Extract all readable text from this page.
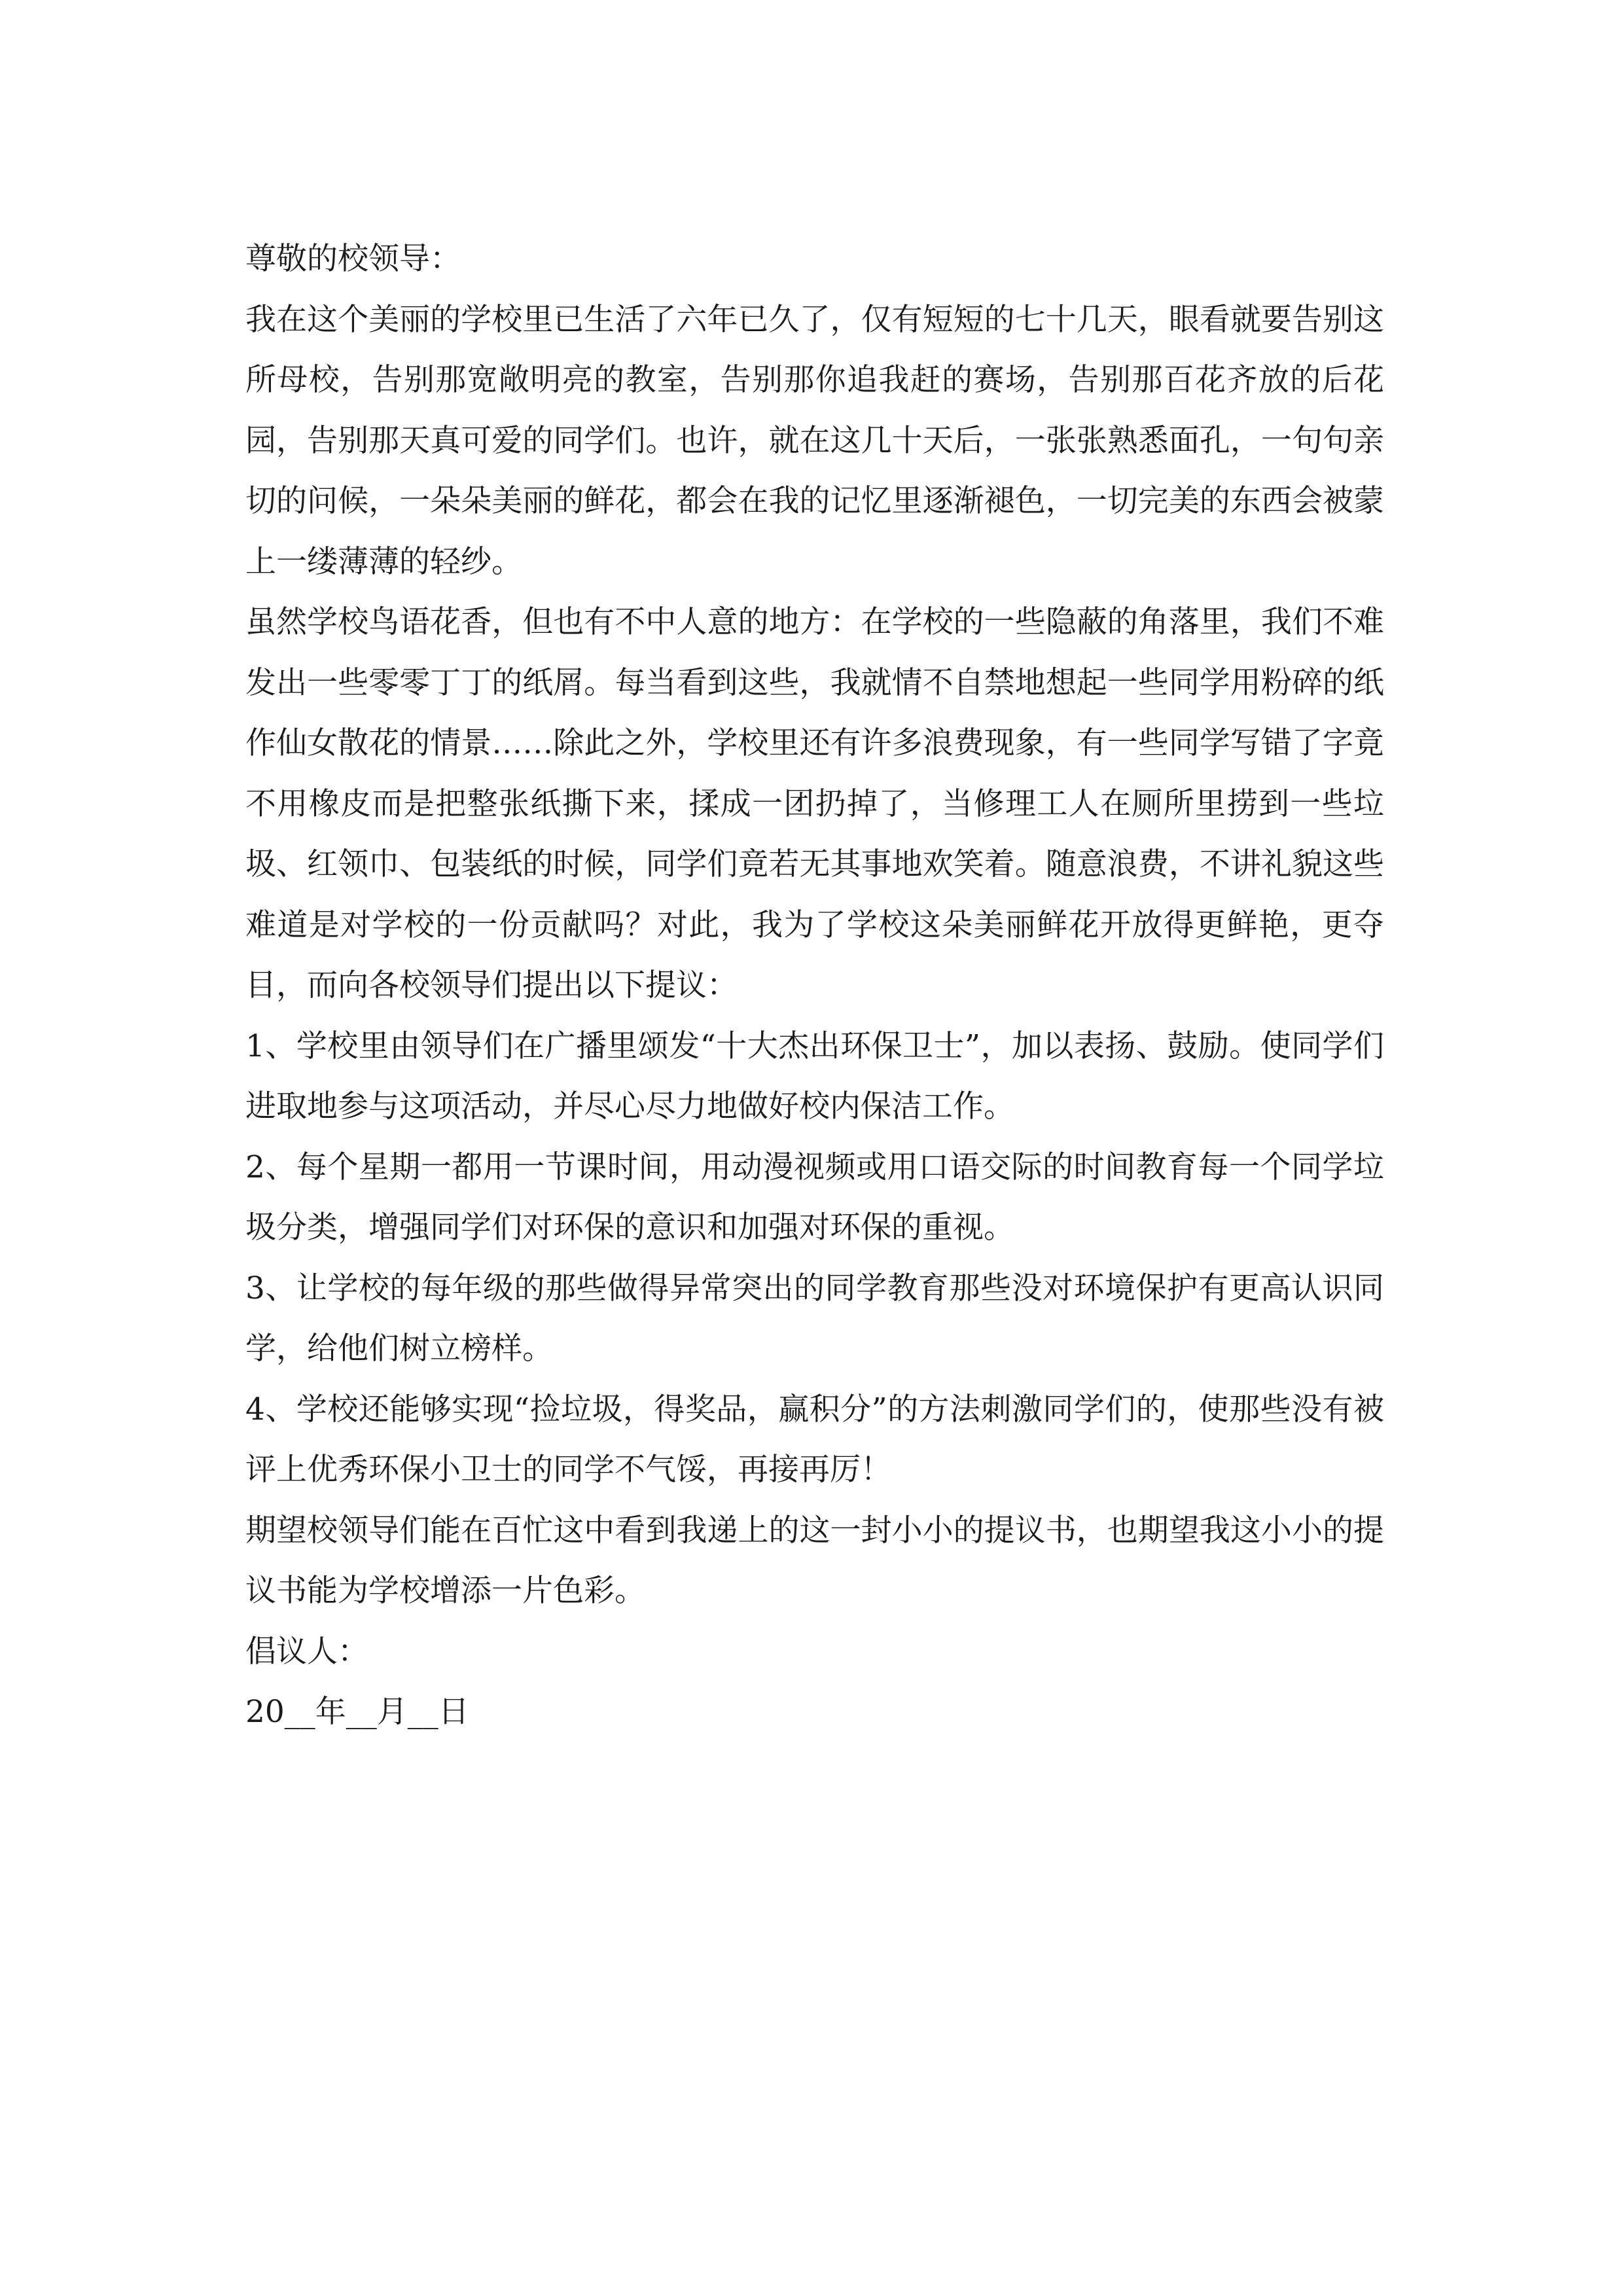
尊敬的校领导：

我在这个美丽的学校里已生活了六年已久了，仅有短短的七十几天，眼看就要告别这所母校，告别那宽敞明亮的教室，告别那你追我赶的赛场，告别那百花齐放的后花园，告别那天真可爱的同学们。也许，就在这几十天后，一张张熟悉面孔，一句句亲切的问候，一朵朵美丽的鲜花，都会在我的记忆里逐渐褪色，一切完美的东西会被蒙上一缕薄薄的轻纱。

虽然学校鸟语花香，但也有不中人意的地方：在学校的一些隐蔽的角落里，我们不难发出一些零零丁丁的纸屑。每当看到这些，我就情不自禁地想起一些同学用粉碎的纸作仙女散花的情景……除此之外，学校里还有许多浪费现象，有一些同学写错了字竟不用橡皮而是把整张纸撕下来，揉成一团扔掉了，当修理工人在厕所里捞到一些垃圾、红领巾、包装纸的时候，同学们竟若无其事地欢笑着。随意浪费，不讲礼貌这些难道是对学校的一份贡献吗？对此，我为了学校这朵美丽鲜花开放得更鲜艳，更夺目，而向各校领导们提出以下提议：

1、学校里由领导们在广播里颂发“十大杰出环保卫士”，加以表扬、鼓励。使同学们进取地参与这项活动，并尽心尽力地做好校内保洁工作。

2、每个星期一都用一节课时间，用动漫视频或用口语交际的时间教育每一个同学垃圾分类，增强同学们对环保的意识和加强对环保的重视。

3、让学校的每年级的那些做得异常突出的同学教育那些没对环境保护有更高认识同学，给他们树立榜样。

4、学校还能够实现“捡垃圾，得奖品，赢积分”的方法刺激同学们的，使那些没有被评上优秀环保小卫士的同学不气馁，再接再厉！

期望校领导们能在百忙这中看到我递上的这一封小小的提议书，也期望我这小小的提议书能为学校增添一片色彩。

倡议人：

20__年__月__日
